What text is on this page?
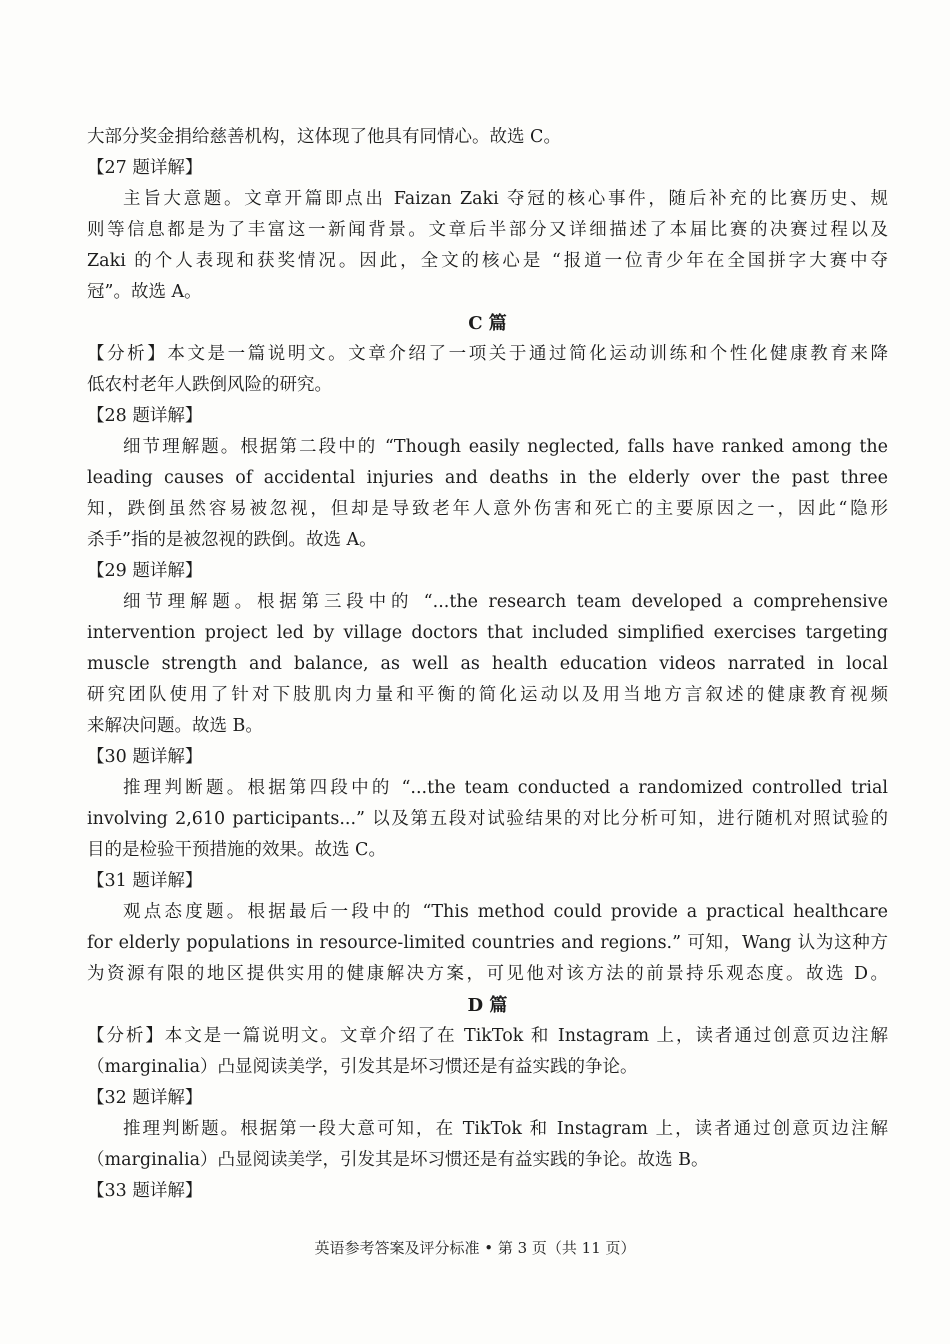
大部分奖金捐给慈善机构，这体现了他具有同情心。故选 C。
【27 题详解】
主旨大意题。文章开篇即点出 Faizan Zaki 夺冠的核心事件，随后补充的比赛历史、规
则等信息都是为了丰富这一新闻背景。文章后半部分又详细描述了本届比赛的决赛过程以及
Zaki 的个人表现和获奖情况。因此，全文的核心是 “报道一位青少年在全国拼字大赛中夺
冠”。故选 A。
C 篇
【分析】本文是一篇说明文。文章介绍了一项关于通过简化运动训练和个性化健康教育来降
低农村老年人跌倒风险的研究。
【28 题详解】
细节理解题。根据第二段中的 “Though easily neglected, falls have ranked among the
leading causes of accidental injuries and deaths in the elderly over the past three
知，跌倒虽然容易被忽视，但却是导致老年人意外伤害和死亡的主要原因之一，因此“隐形
杀手”指的是被忽视的跌倒。故选 A。
【29 题详解】
细节理解题。根据第三段中的 “...the research team developed a comprehensive
intervention project led by village doctors that included simplified exercises targeting
muscle strength and balance, as well as health education videos narrated in local
研究团队使用了针对下肢肌肉力量和平衡的简化运动以及用当地方言叙述的健康教育视频
来解决问题。故选 B。
【30 题详解】
推理判断题。根据第四段中的 “...the team conducted a randomized controlled trial
involving 2,610 participants...” 以及第五段对试验结果的对比分析可知，进行随机对照试验的
目的是检验干预措施的效果。故选 C。
【31 题详解】
观点态度题。根据最后一段中的 “This method could provide a practical healthcare
for elderly populations in resource-limited countries and regions.” 可知，Wang 认为这种方
为资源有限的地区提供实用的健康解决方案，可见他对该方法的前景持乐观态度。故选 D。
D 篇
【分析】本文是一篇说明文。文章介绍了在 TikTok 和 Instagram 上，读者通过创意页边注解
（marginalia）凸显阅读美学，引发其是坏习惯还是有益实践的争论。
【32 题详解】
推理判断题。根据第一段大意可知，在 TikTok 和 Instagram 上，读者通过创意页边注解
（marginalia）凸显阅读美学，引发其是坏习惯还是有益实践的争论。故选 B。
【33 题详解】
英语参考答案及评分标准 • 第 3 页（共 11 页）
